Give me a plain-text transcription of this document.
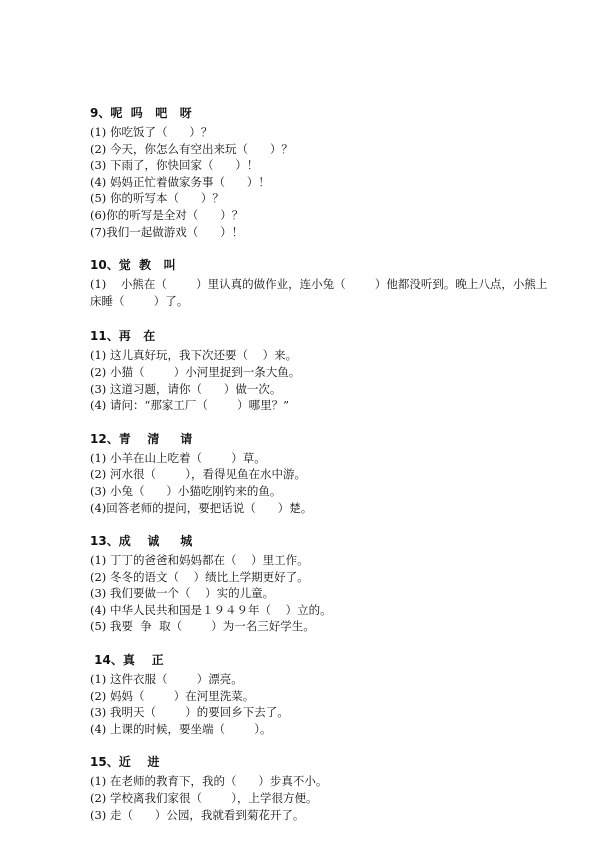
9、呢  吗   吧   呀
(1) 你吃饭了（      ）？
(2) 今天，你怎么有空出来玩（      ）？
(3) 下雨了，你快回家（      ）！
(4) 妈妈正忙着做家务事（      ）！
(5) 你的听写本（      ）？
(6)你的听写是全对（      ）？
(7)我们一起做游戏（      ）！
10、觉  教   叫
(1)    小熊在（        ）里认真的做作业，连小兔（        ）他都没听到。晚上八点，小熊上床睡（        ）了。
11、再   在
(1) 这儿真好玩，我下次还要（    ）来。
(2) 小猫（        ）小河里捉到一条大鱼。
(3) 这道习题，请你（      ）做一次。
(4) 请问：“那家工厂（        ）哪里？”
12、青    清     请
(1) 小羊在山上吃着（        ）草。
(2) 河水很（        ），看得见鱼在水中游。
(3) 小兔（      ）小猫吃刚钓来的鱼。
(4)回答老师的提问，要把话说（      ）楚。
13、成    诚     城
(1) 丁丁的爸爸和妈妈都在（    ）里工作。
(2) 冬冬的语文（    ）绩比上学期更好了。
(3) 我们要做一个（    ）实的儿童。
(4) 中华人民共和国是１９４９年（    ）立的。
(5) 我要  争  取（        ）为一名三好学生。
14、真    正
(1) 这件衣服（        ）漂亮。
(2) 妈妈（        ）在河里洗菜。
(3) 我明天（        ）的要回乡下去了。
(4) 上课的时候，要坐端（        ）。
15、近    进
(1) 在老师的教育下，我的（      ）步真不小。
(2) 学校离我们家很（        ），上学很方便。
(3) 走（      ）公园，我就看到菊花开了。
